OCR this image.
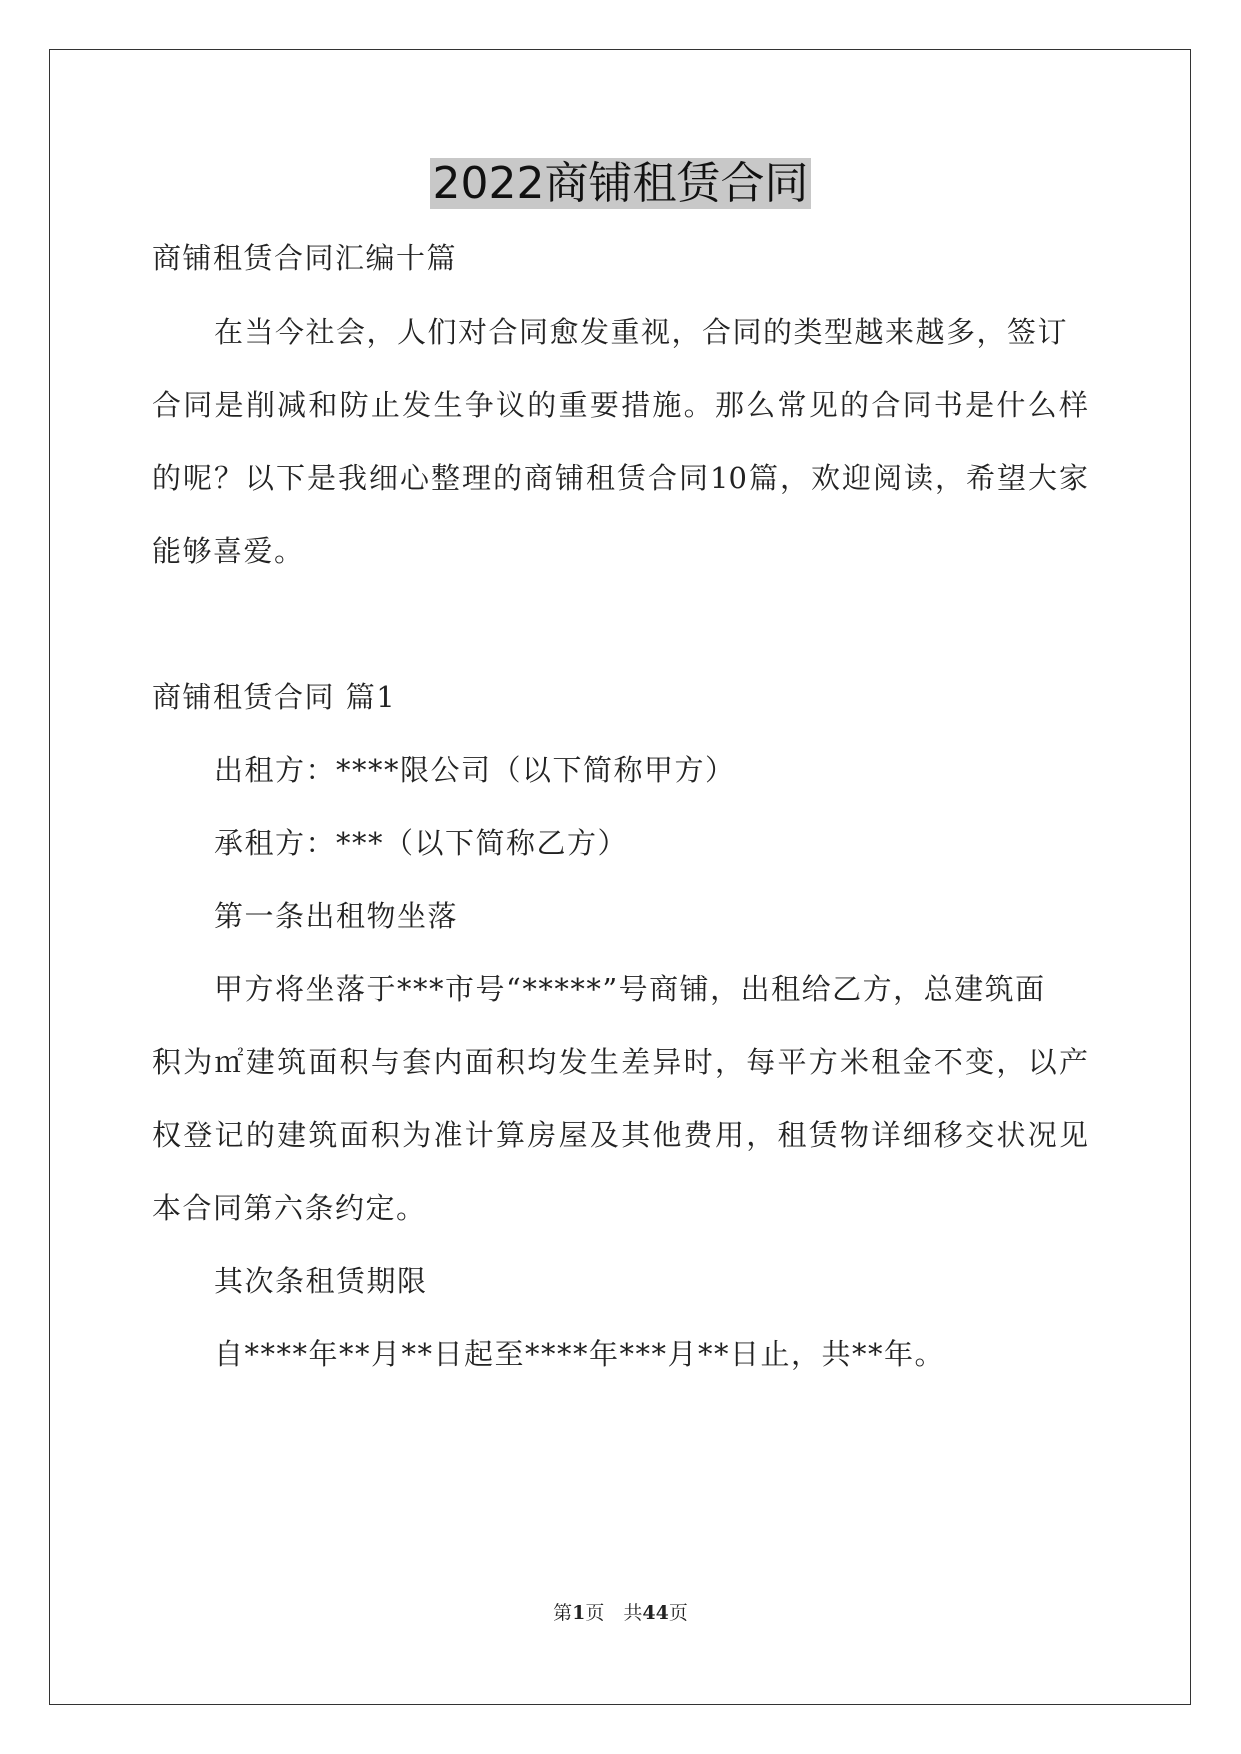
2022商铺租赁合同
商铺租赁合同汇编十篇
在当今社会，人们对合同愈发重视，合同的类型越来越多，签订
合同是削减和防止发生争议的重要措施。那么常见的合同书是什么样
的呢？以下是我细心整理的商铺租赁合同10篇，欢迎阅读，希望大家
能够喜爱。
商铺租赁合同 篇1
出租方：****限公司（以下简称甲方）
承租方：***（以下简称乙方）
第一条出租物坐落
甲方将坐落于***市号“*****”号商铺，出租给乙方，总建筑面
积为㎡建筑面积与套内面积均发生差异时，每平方米租金不变，以产
权登记的建筑面积为准计算房屋及其他费用，租赁物详细移交状况见
本合同第六条约定。
其次条租赁期限
自****年**月**日起至****年***月**日止，共**年。
第1页　共44页
